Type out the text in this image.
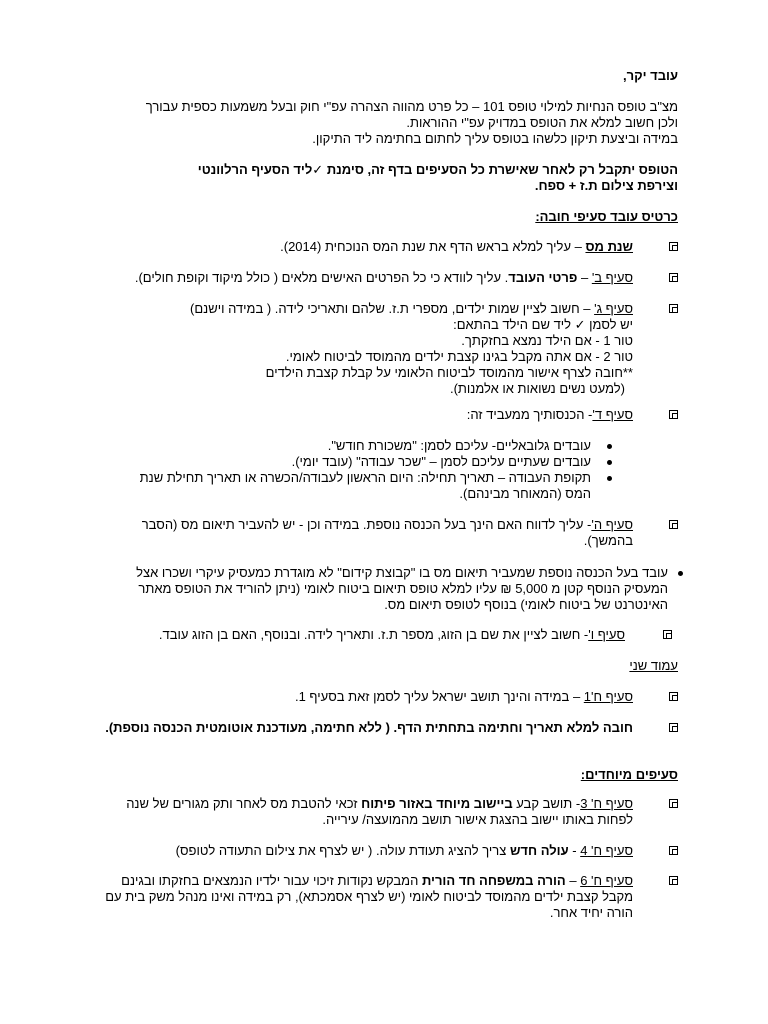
עובד יקר,

מצ"ב טופס הנחיות למילוי טופס 101 – כל פרט מהווה הצהרה עפ"י חוק ובעל משמעות כספית עבורך

ולכן חשוב למלא את הטופס במדויק עפ"י ההוראות.

במידה וביצעת תיקון כלשהו בטופס עליך לחתום בחתימה ליד התיקון.

הטופס יתקבל רק לאחר שאישרת כל הסעיפים בדף זה, סימנת ✓ליד הסעיף הרלוונטי

וצירפת צילום ת.ז + ספח.

כרטיס עובד סעיפי חובה:

שנת מס – עליך למלא בראש הדף את שנת המס הנוכחית (2014).

סעיף ב' – פרטי העובד. עליך לוודא כי כל הפרטים האישים מלאים ( כולל מיקוד וקופת חולים).

סעיף ג' – חשוב לציין שמות ילדים, מספרי ת.ז. שלהם ותאריכי לידה. ( במידה וישנם)

יש לסמן ✓ ליד שם הילד בהתאם:

טור 1 - אם הילד נמצא בחזקתך.

טור 2 - אם אתה מקבל בגינו קצבת ילדים מהמוסד לביטוח לאומי.

**חובה לצרף אישור מהמוסד לביטוח הלאומי על קבלת קצבת הילדים

(למעט נשים נשואות או אלמנות).

סעיף ד'- הכנסותיך ממעביד זה:

עובדים גלובאליים- עליכם לסמן: "משכורת חודש".

עובדים שעתיים עליכם לסמן – "שכר עבודה" (עובד יומי).

תקופת העבודה – תאריך תחילה: היום הראשון לעבודה/הכשרה או תאריך תחילת שנת

המס (המאוחר מבינהם).

סעיף ה'- עליך לדווח האם הינך בעל הכנסה נוספת. במידה וכן - יש להעביר תיאום מס (הסבר

בהמשך).

עובד בעל הכנסה נוספת שמעביר תיאום מס בו "קבוצת קידום" לא מוגדרת כמעסיק עיקרי ושכרו אצל

המעסיק הנוסף קטן מ 5,000 ₪ עליו למלא טופס תיאום ביטוח לאומי (ניתן להוריד את הטופס מאתר

האינטרנט של ביטוח לאומי) בנוסף לטופס תיאום מס.

סעיף ו'- חשוב לציין את שם בן הזוג, מספר ת.ז. ותאריך לידה. ובנוסף, האם בן הזוג עובד.

עמוד שני

סעיף ח'1 – במידה והינך תושב ישראל עליך לסמן זאת בסעיף 1.

חובה למלא תאריך וחתימה בתחתית הדף. ( ללא חתימה, מעודכנת אוטומטית הכנסה נוספת).

סעיפים מיוחדים:

סעיף ח' 3- תושב קבע ביישוב מיוחד באזור פיתוח זכאי להטבת מס לאחר ותק מגורים של שנה

לפחות באותו יישוב בהצגת אישור תושב מהמועצה/ עירייה.

סעיף ח' 4 - עולה חדש צריך להציג תעודת עולה. ( יש לצרף את צילום התעודה לטופס)

סעיף ח' 6 – הורה במשפחה חד הורית המבקש נקודות זיכוי עבור ילדיו הנמצאים בחזקתו ובגינם

מקבל קצבת ילדים מהמוסד לביטוח לאומי (יש לצרף אסמכתא), רק במידה ואינו מנהל משק בית עם

הורה יחיד אחר.
